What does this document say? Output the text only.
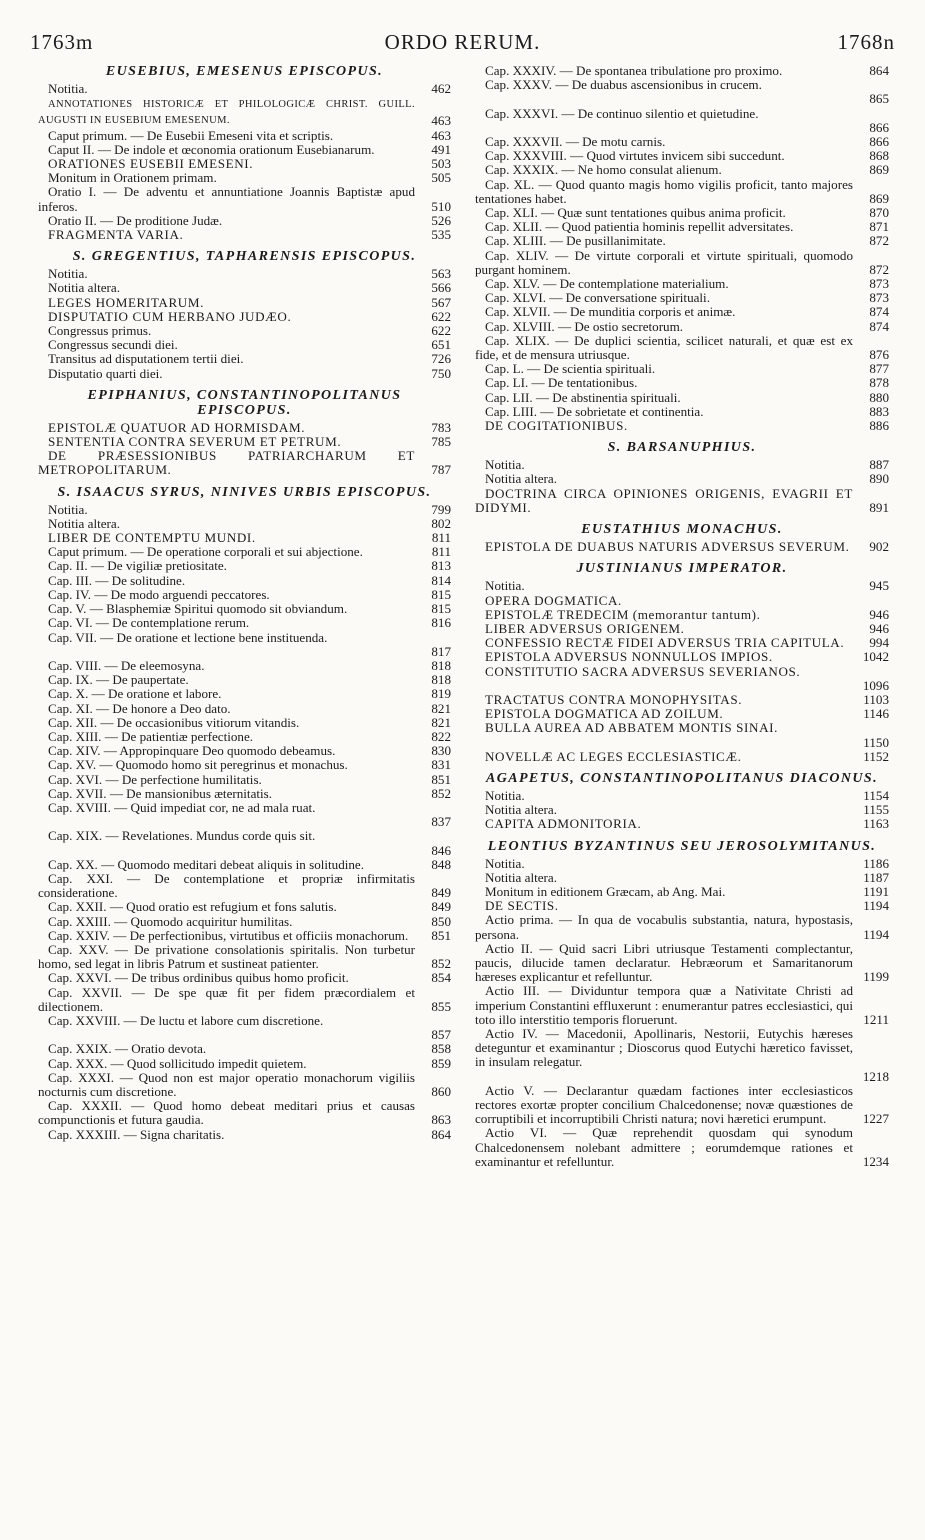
1763m	ORDO RERUM.	1768n
EUSEBIUS, EMESENUS EPISCOPUS.
Notitia.	462
ANNOTATIONES HISTORICÆ ET PHILOLOGICÆ CHRIST. GUILL. AUGUSTI IN EUSEBIUM EMESENUM.	463
Caput primum. — De Eusebii Emeseni vita et scriptis.	463
Caput II. — De indole et œconomia orationum Eusebianarum.	491
ORATIONES EUSEBII EMESENI.	503
Monitum in Orationem primam.	505
Oratio I. — De adventu et annuntiatione Joannis Baptistæ apud inferos.	510
Oratio II. — De proditione Judæ.	526
FRAGMENTA VARIA.	535
S. GREGENTIUS, TAPHARENSIS EPISCOPUS.
Notitia.	563
Notitia altera.	566
LEGES HOMERITARUM.	567
DISPUTATIO CUM HERBANO JUDÆO.	622
Congressus primus.	622
Congressus secundi diei.	651
Transitus ad disputationem tertii diei.	726
Disputatio quarti diei.	750
EPIPHANIUS, CONSTANTINOPOLITANUS EPISCOPUS.
EPISTOLÆ QUATUOR AD HORMISDAM.	783
SENTENTIA CONTRA SEVERUM ET PETRUM.	785
DE PRÆSESSIONIBUS PATRIARCHARUM ET METROPOLITARUM.	787
S. ISAACUS SYRUS, NINIVES URBIS EPISCOPUS.
Notitia.	799
Notitia altera.	802
LIBER DE CONTEMPTU MUNDI.	811
Caput primum. — De operatione corporali et sui abjectione.	811
Cap. II. — De vigiliæ pretiositate.	813
Cap. III. — De solitudine.	814
Cap. IV. — De modo arguendi peccatores.	815
Cap. V. — Blasphemiæ Spiritui quomodo sit obviandum.	815
Cap. VI. — De contemplatione rerum.	816
Cap. VII. — De oratione et lectione bene instituenda.
817
Cap. VIII. — De eleemosyna.	818
Cap. IX. — De paupertate.	818
Cap. X. — De oratione et labore.	819
Cap. XI. — De honore a Deo dato.	821
Cap. XII. — De occasionibus vitiorum vitandis.	821
Cap. XIII. — De patientiæ perfectione.	822
Cap. XIV. — Appropinquare Deo quomodo debeamus.	830
Cap. XV. — Quomodo homo sit peregrinus et monachus.	831
Cap. XVI. — De perfectione humilitatis.	851
Cap. XVII. — De mansionibus æternitatis.	852
Cap. XVIII. — Quid impediat cor, ne ad mala ruat.
837
Cap. XIX. — Revelationes. Mundus corde quis sit.
846
Cap. XX. — Quomodo meditari debeat aliquis in solitudine.	848
Cap. XXI. — De contemplatione et propriæ infirmitatis consideratione.	849
Cap. XXII. — Quod oratio est refugium et fons salutis.	849
Cap. XXIII. — Quomodo acquiritur humilitas.	850
Cap. XXIV. — De perfectionibus, virtutibus et officiis monachorum.	851
Cap. XXV. — De privatione consolationis spiritalis. Non turbetur homo, sed legat in libris Patrum et sustineat patienter.	852
Cap. XXVI. — De tribus ordinibus quibus homo proficit.	854
Cap. XXVII. — De spe quæ fit per fidem præcordialem et dilectionem.	855
Cap. XXVIII. — De luctu et labore cum discretione.
857
Cap. XXIX. — Oratio devota.	858
Cap. XXX. — Quod sollicitudo impedit quietem.	859
Cap. XXXI. — Quod non est major operatio monachorum vigiliis nocturnis cum discretione.	860
Cap. XXXII. — Quod homo debeat meditari prius et causas compunctionis et futura gaudia.	863
Cap. XXXIII. — Signa charitatis.	864
Cap. XXXIV. — De spontanea tribulatione pro proximo.	864
Cap. XXXV. — De duabus ascensionibus in crucem.
865
Cap. XXXVI. — De continuo silentio et quietudine.
866
Cap. XXXVII. — De motu carnis.	866
Cap. XXXVIII. — Quod virtutes invicem sibi succedunt.	868
Cap. XXXIX. — Ne homo consulat alienum.	869
Cap. XL. — Quod quanto magis homo vigilis proficit, tanto majores tentationes habet.	869
Cap. XLI. — Quæ sunt tentationes quibus anima proficit.	870
Cap. XLII. — Quod patientia hominis repellit adversitates.	871
Cap. XLIII. — De pusillanimitate.	872
Cap. XLIV. — De virtute corporali et virtute spirituali, quomodo purgant hominem.	872
Cap. XLV. — De contemplatione materialium.	873
Cap. XLVI. — De conversatione spirituali.	873
Cap. XLVII. — De munditia corporis et animæ.	874
Cap. XLVIII. — De ostio secretorum.	874
Cap. XLIX. — De duplici scientia, scilicet naturali, et quæ est ex fide, et de mensura utriusque.	876
Cap. L. — De scientia spirituali.	877
Cap. LI. — De tentationibus.	878
Cap. LII. — De abstinentia spirituali.	880
Cap. LIII. — De sobrietate et continentia.	883
DE COGITATIONIBUS.	886
S. BARSANUPHIUS.
Notitia.	887
Notitia altera.	890
DOCTRINA CIRCA OPINIONES ORIGENIS, EVAGRII ET DIDYMI.	891
EUSTATHIUS MONACHUS.
EPISTOLA DE DUABUS NATURIS ADVERSUS SEVERUM.	902
JUSTINIANUS IMPERATOR.
Notitia.	945
OPERA DOGMATICA.
EPISTOLÆ TREDECIM (memorantur tantum).	946
LIBER ADVERSUS ORIGENEM.	946
CONFESSIO RECTÆ FIDEI ADVERSUS TRIA CAPITULA.	994
EPISTOLA ADVERSUS NONNULLOS IMPIOS.	1042
CONSTITUTIO SACRA ADVERSUS SEVERIANOS.
1096
TRACTATUS CONTRA MONOPHYSITAS.	1103
EPISTOLA DOGMATICA AD ZOILUM.	1146
BULLA AUREA AD ABBATEM MONTIS SINAI.
1150
NOVELLÆ AC LEGES ECCLESIASTICÆ.	1152
AGAPETUS, CONSTANTINOPOLITANUS DIACONUS.
Notitia.	1154
Notitia altera.	1155
CAPITA ADMONITORIA.	1163
LEONTIUS BYZANTINUS SEU JEROSOLYMITANUS.
Notitia.	1186
Notitia altera.	1187
Monitum in editionem Græcam, ab Ang. Mai.	1191
DE SECTIS.	1194
Actio prima. — In qua de vocabulis substantia, natura, hypostasis, persona.	1194
Actio II. — Quid sacri Libri utriusque Testamenti complectantur, paucis, dilucide tamen declaratur. Hebræorum et Samaritanorum hæreses explicantur et refelluntur.	1199
Actio III. — Dividuntur tempora quæ a Nativitate Christi ad imperium Constantini effluxerunt : enumerantur patres ecclesiastici, qui toto illo interstitio temporis floruerunt.	1211
Actio IV. — Macedonii, Apollinaris, Nestorii, Eutychis hæreses deteguntur et examinantur ; Dioscorus quod Eutychi hæretico favisset, in insulam relegatur.
1218
Actio V. — Declarantur quædam factiones inter ecclesiasticos rectores exortæ propter concilium Chalcedonense; novæ quæstiones de corruptibili et incorruptibili Christi natura; novi hæretici erumpunt.	1227
Actio VI. — Quæ reprehendit quosdam qui synodum Chalcedonensem nolebant admittere ; eorumdemque rationes et examinantur et refelluntur.	1234
